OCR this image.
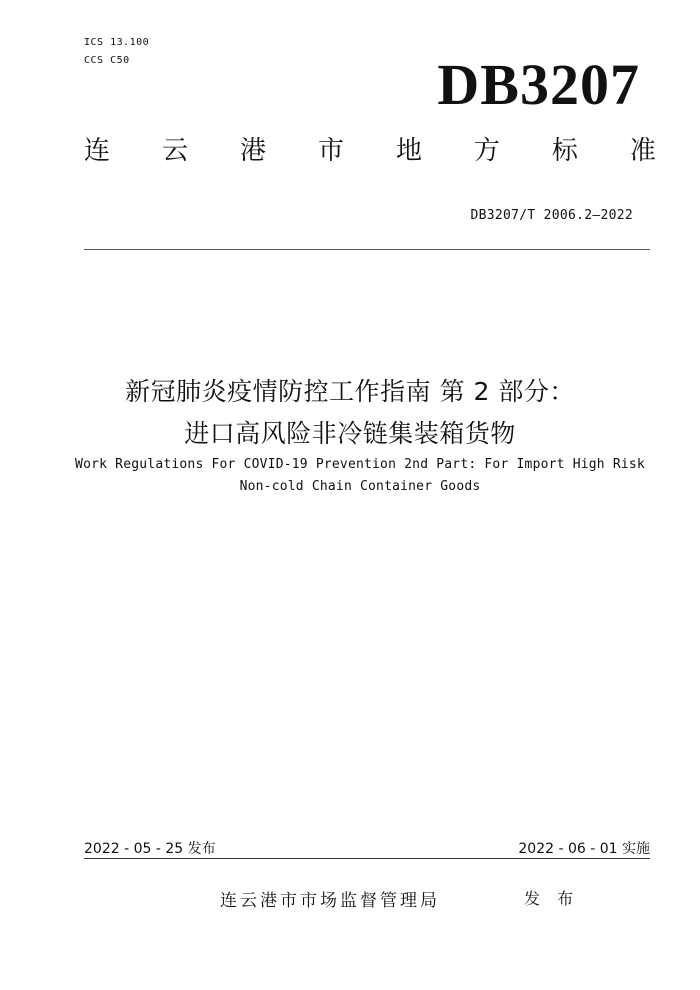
ICS 13.100
CCS C50	DB3207
连 云 港 市 地 方 标 准
DB3207/T 2006.2—2022
新冠肺炎疫情防控工作指南 第 2 部分：
进口高风险非冷链集装箱货物
Work Regulations For COVID-19 Prevention 2nd Part: For Import High Risk
Non-cold Chain Container Goods
2022 - 05 - 25 发布	2022 - 06 - 01 实施
连云港市市场监督管理局	发 布
